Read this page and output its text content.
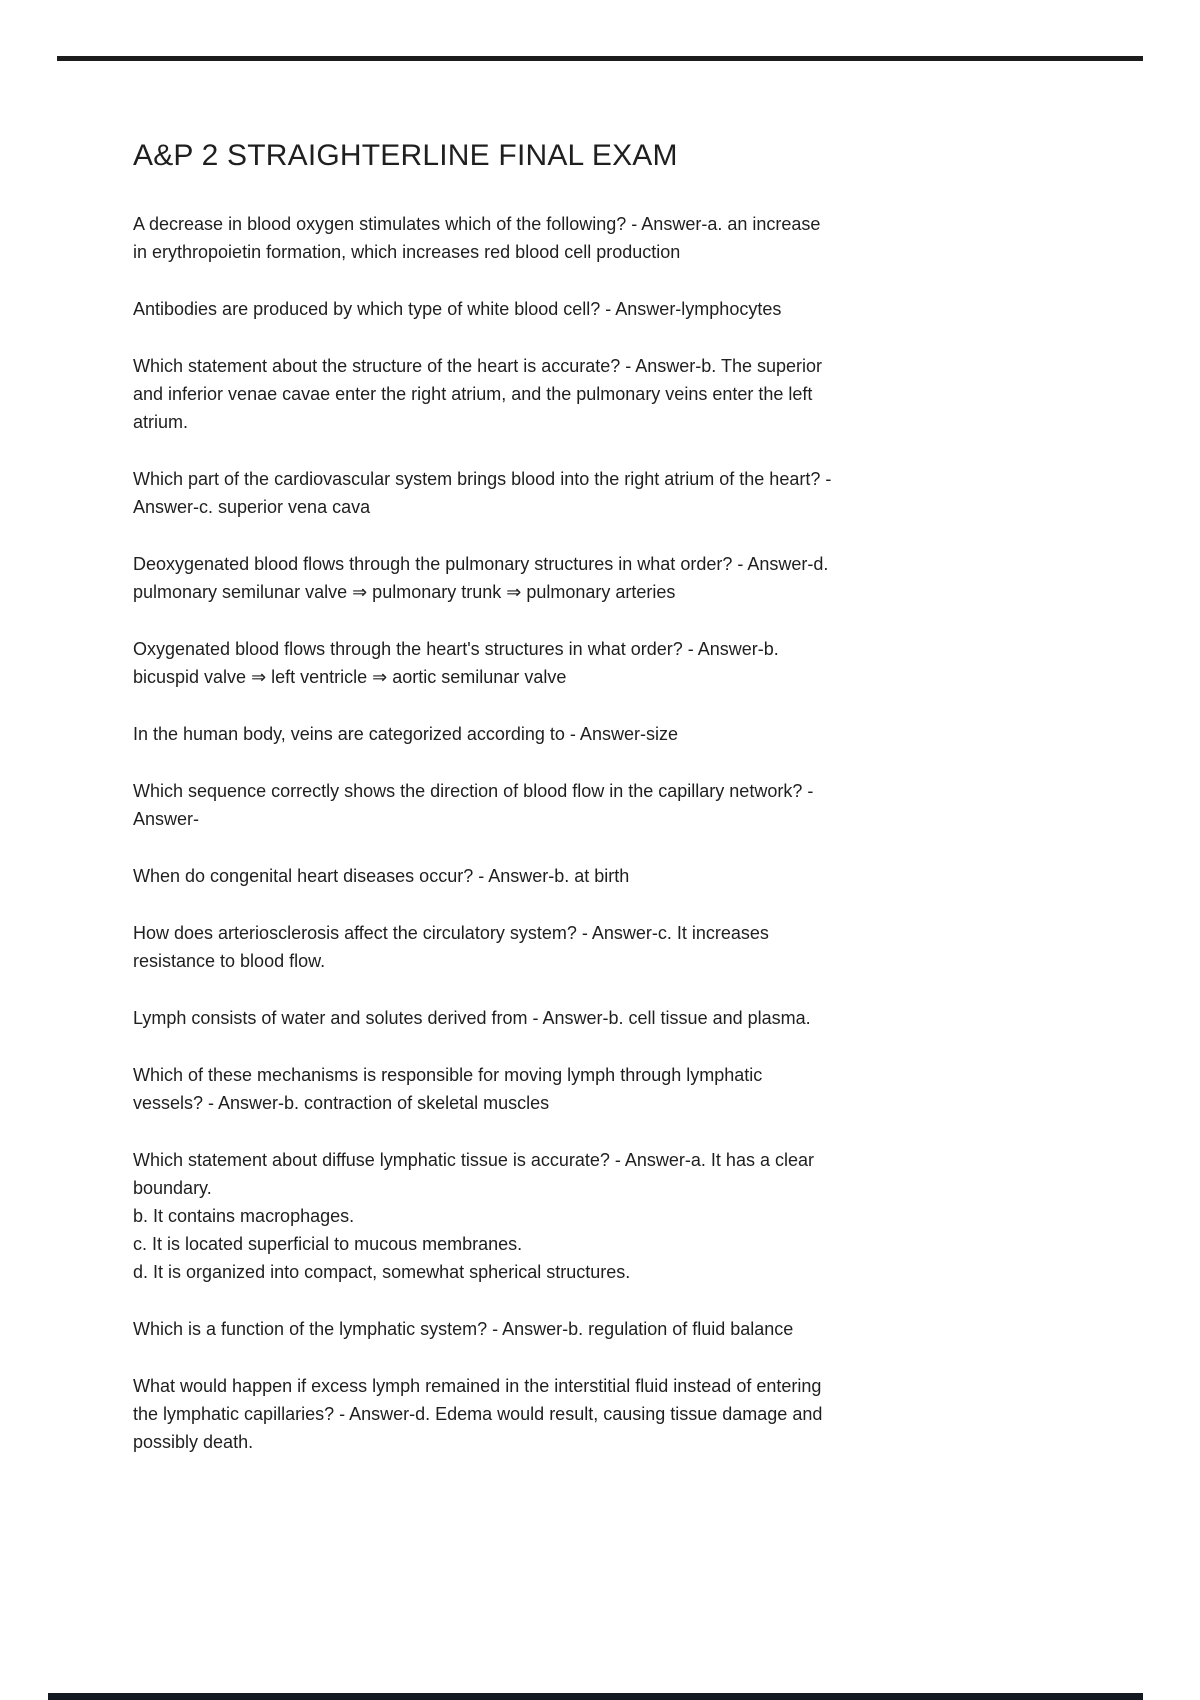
A&P 2 STRAIGHTERLINE FINAL EXAM
A decrease in blood oxygen stimulates which of the following? - Answer-a. an increase
in erythropoietin formation, which increases red blood cell production
Antibodies are produced by which type of white blood cell? - Answer-lymphocytes
Which statement about the structure of the heart is accurate? - Answer-b. The superior
and inferior venae cavae enter the right atrium, and the pulmonary veins enter the left
atrium.
Which part of the cardiovascular system brings blood into the right atrium of the heart? -
Answer-c. superior vena cava
Deoxygenated blood flows through the pulmonary structures in what order? - Answer-d.
pulmonary semilunar valve ⇒ pulmonary trunk ⇒ pulmonary arteries
Oxygenated blood flows through the heart's structures in what order? - Answer-b.
bicuspid valve ⇒ left ventricle ⇒ aortic semilunar valve
In the human body, veins are categorized according to - Answer-size
Which sequence correctly shows the direction of blood flow in the capillary network? -
Answer-
When do congenital heart diseases occur? - Answer-b. at birth
How does arteriosclerosis affect the circulatory system? - Answer-c. It increases
resistance to blood flow.
Lymph consists of water and solutes derived from - Answer-b. cell tissue and plasma.
Which of these mechanisms is responsible for moving lymph through lymphatic
vessels? - Answer-b. contraction of skeletal muscles
Which statement about diffuse lymphatic tissue is accurate? - Answer-a. It has a clear
boundary.
b. It contains macrophages.
c. It is located superficial to mucous membranes.
d. It is organized into compact, somewhat spherical structures.
Which is a function of the lymphatic system? - Answer-b. regulation of fluid balance
What would happen if excess lymph remained in the interstitial fluid instead of entering
the lymphatic capillaries? - Answer-d. Edema would result, causing tissue damage and
possibly death.
